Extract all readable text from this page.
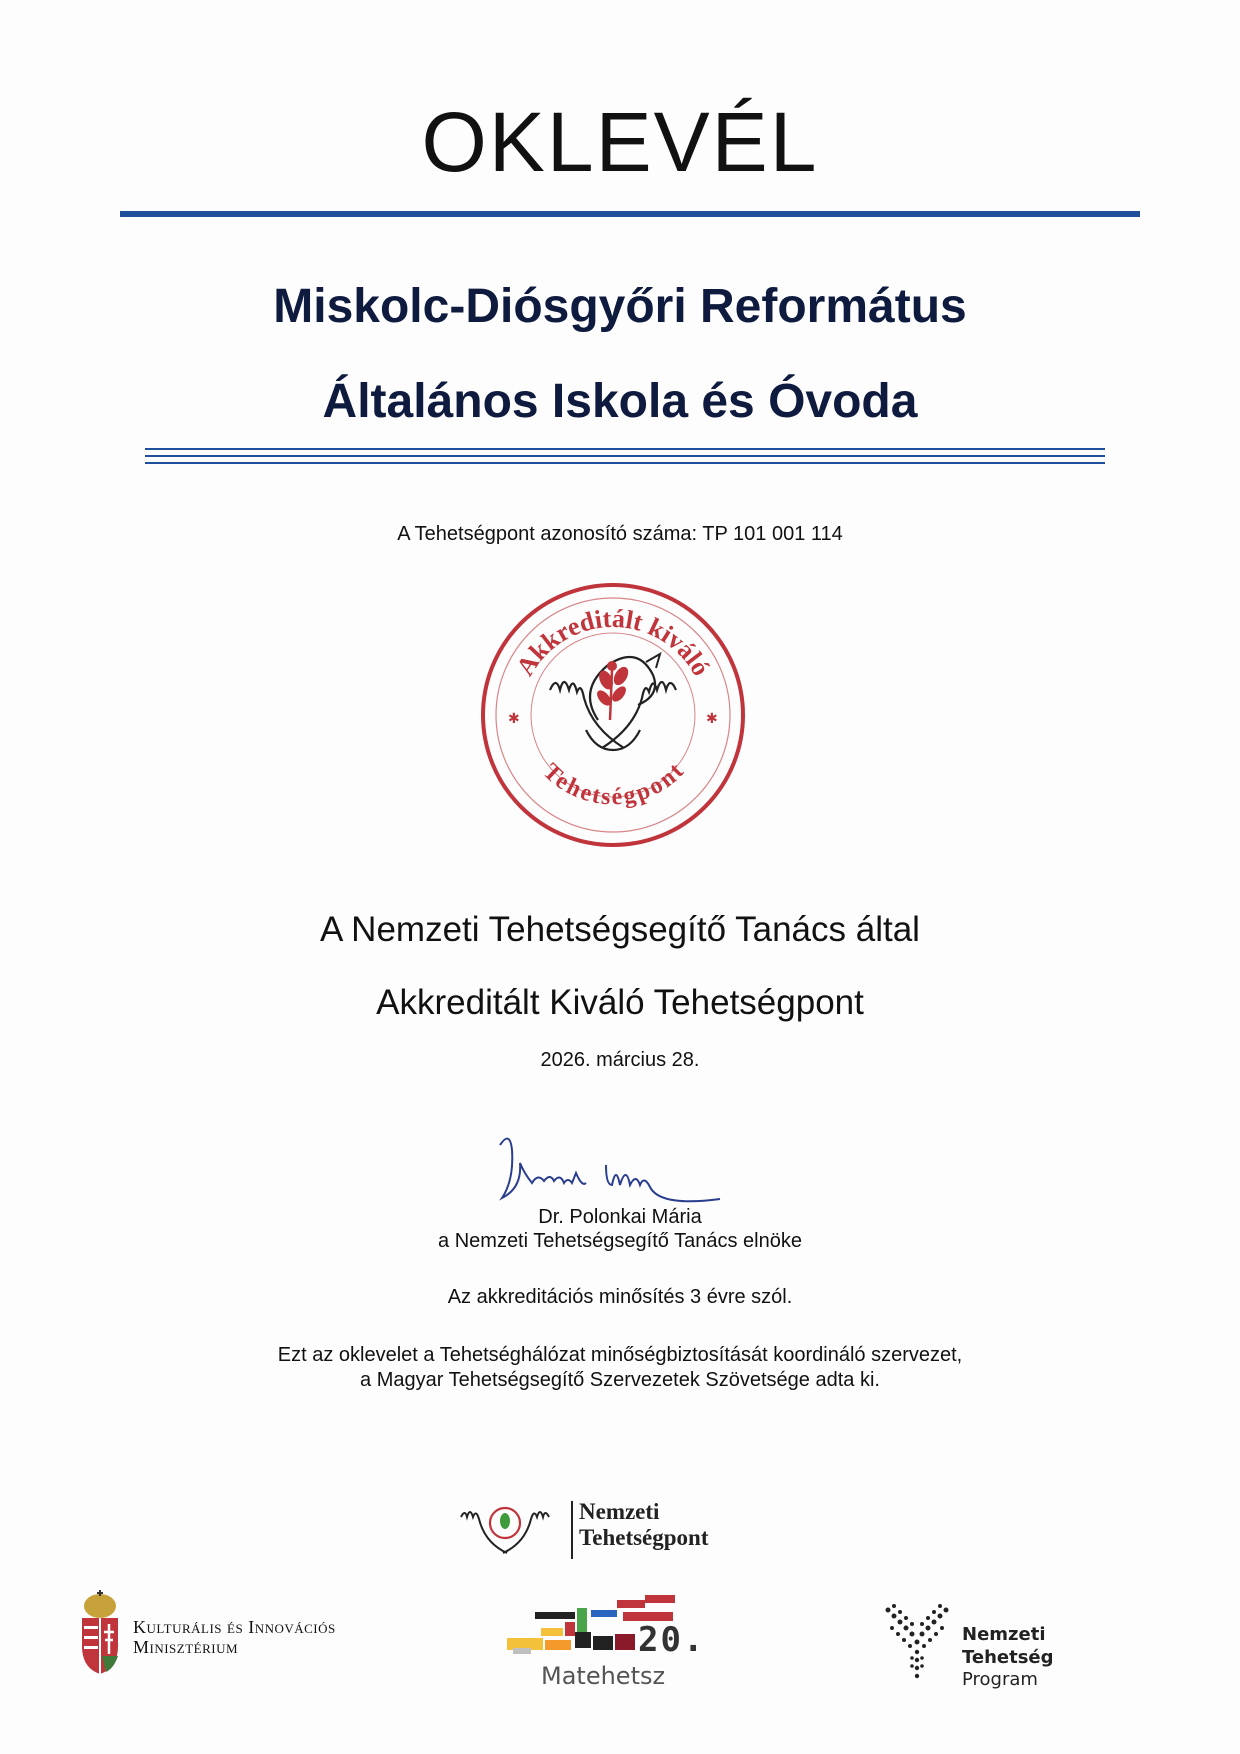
OKLEVÉL
Miskolc-Diósgyőri Református
Általános Iskola és Óvoda
A Tehetségpont azonosító száma: TP 101 001 114
Akkreditált kiváló
Tehetségpont
✱	✱
A Nemzeti Tehetségsegítő Tanács által
Akkreditált Kiváló Tehetségpont
2026. március 28.
Dr. Polonkai Mária
a Nemzeti Tehetségsegítő Tanács elnöke
Az akkreditációs minősítés 3 évre szól.
Ezt az oklevelet a Tehetséghálózat minőségbiztosítását koordináló szervezet,
a Magyar Tehetségsegítő Szervezetek Szövetsége adta ki.
Nemzeti
Tehetségpont
Kulturális és Innovációs
Minisztérium	20.
Matehetsz
Nemzeti Tehetség
Program
